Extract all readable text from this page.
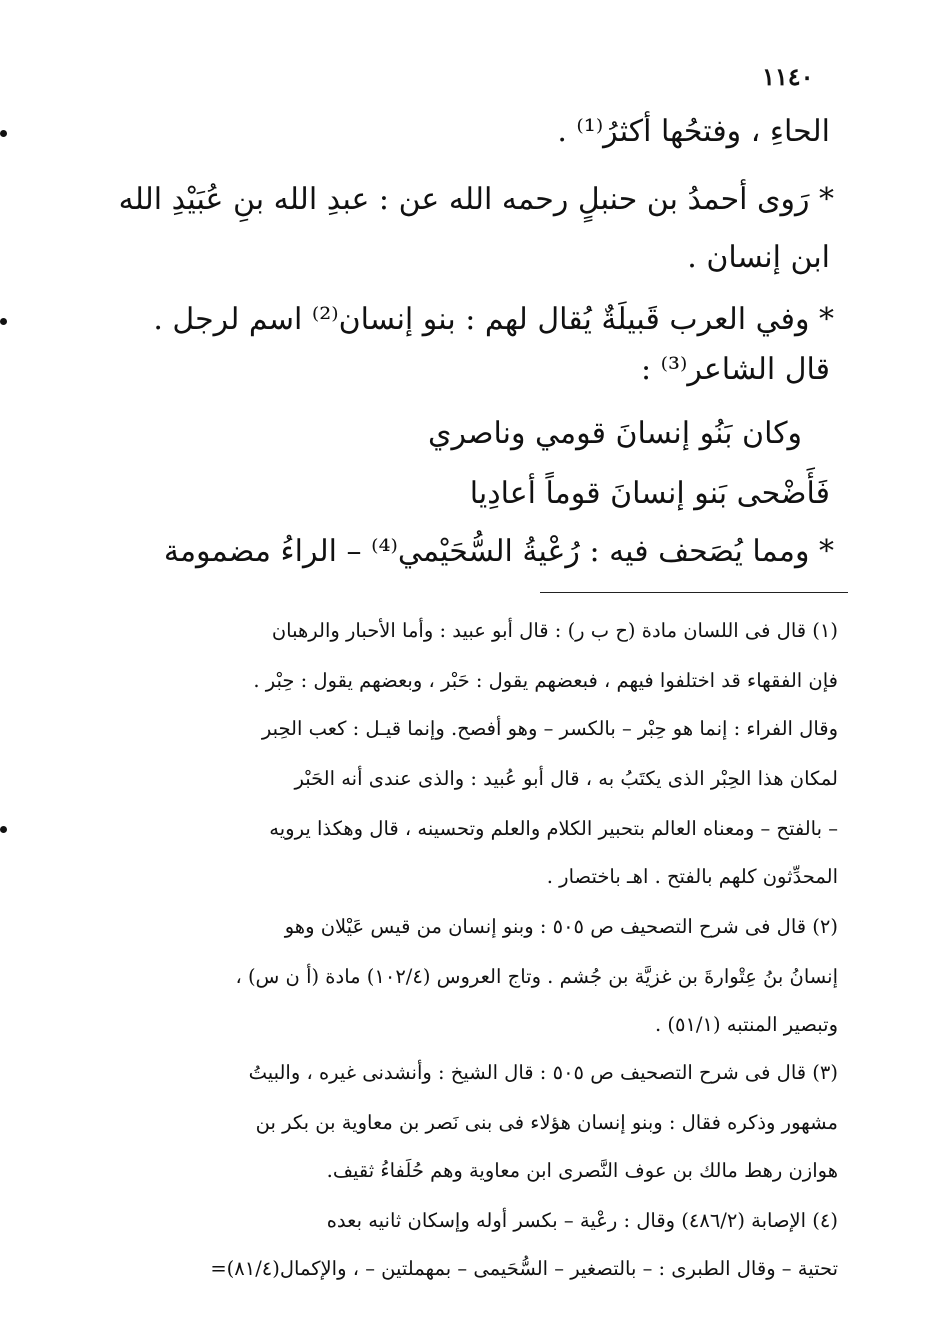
١١٤٠
الحاءِ ، وفتحُها أكثرُ⁽¹⁾ .
* رَوى أحمدُ بن حنبلٍ رحمه الله عن : عبدِ الله بنِ عُبَيْدِ الله
ابن إنسان .
* وفي العرب قَبيلَةٌ يُقال لهم : بنو إنسان⁽²⁾ اسم لرجل .
قال الشاعر⁽³⁾ :
وكان بَنُو إنسانَ قومي وناصري
فَأَضْحى بَنو إنسانَ قوماً أعادِيا
* ومما يُصَحف فيه : رُعْيةُ السُّحَيْمي⁽⁴⁾ – الراءُ مضمومة
(١) قال فى اللسان مادة (ح ب ر) : قال أبو عبيد : وأما الأحبار والرهبان
فإن الفقهاء قد اختلفوا فيهم ، فبعضهم يقول : حَبْر ، وبعضهم يقول : حِبْر .
وقال الفراء : إنما هو حِبْر – بالكسر – وهو أفصح. وإنما قيـل : كعب الحِبر
لمكان هذا الحِبْر الذى يكتَبُ به ، قال أبو عُبيد : والذى عندى أنه الحَبْر
– بالفتح – ومعناه العالم بتحبير الكلام والعلم وتحسينه ، قال وهكذا يرويه
المحدِّثون كلهم بالفتح . اهـ باختصار .
(٢) قال فى شرح التصحيف ص ٥٠٥ : وبنو إنسان من قيس عَيْلان وهو
إنسانُ بنُ عِتْوارةَ بن غزيَّة بن جُشم . وتاج العروس (١٠٢/٤) مادة (أ ن س) ،
وتبصير المنتبه (٥١/١) .
(٣) قال فى شرح التصحيف ص ٥٠٥ : قال الشيخ : وأنشدنى غيره ، والبيتُ
مشهور وذكره فقال : وبنو إنسان هؤلاء فى بنى نَصر بن معاوية بن بكر بن
هوازن رهط مالك بن عوف النَّصرى ابن معاوية وهم حُلَفاءُ ثقيف.
(٤) الإصابة (٤٨٦/٢) وقال : رعْية – بكسر أوله وإسكان ثانيه بعده
تحتية – وقال الطبرى : – بالتصغير – السُّحَيمى – بمهملتين – ، والإكمال(٨١/٤)=
